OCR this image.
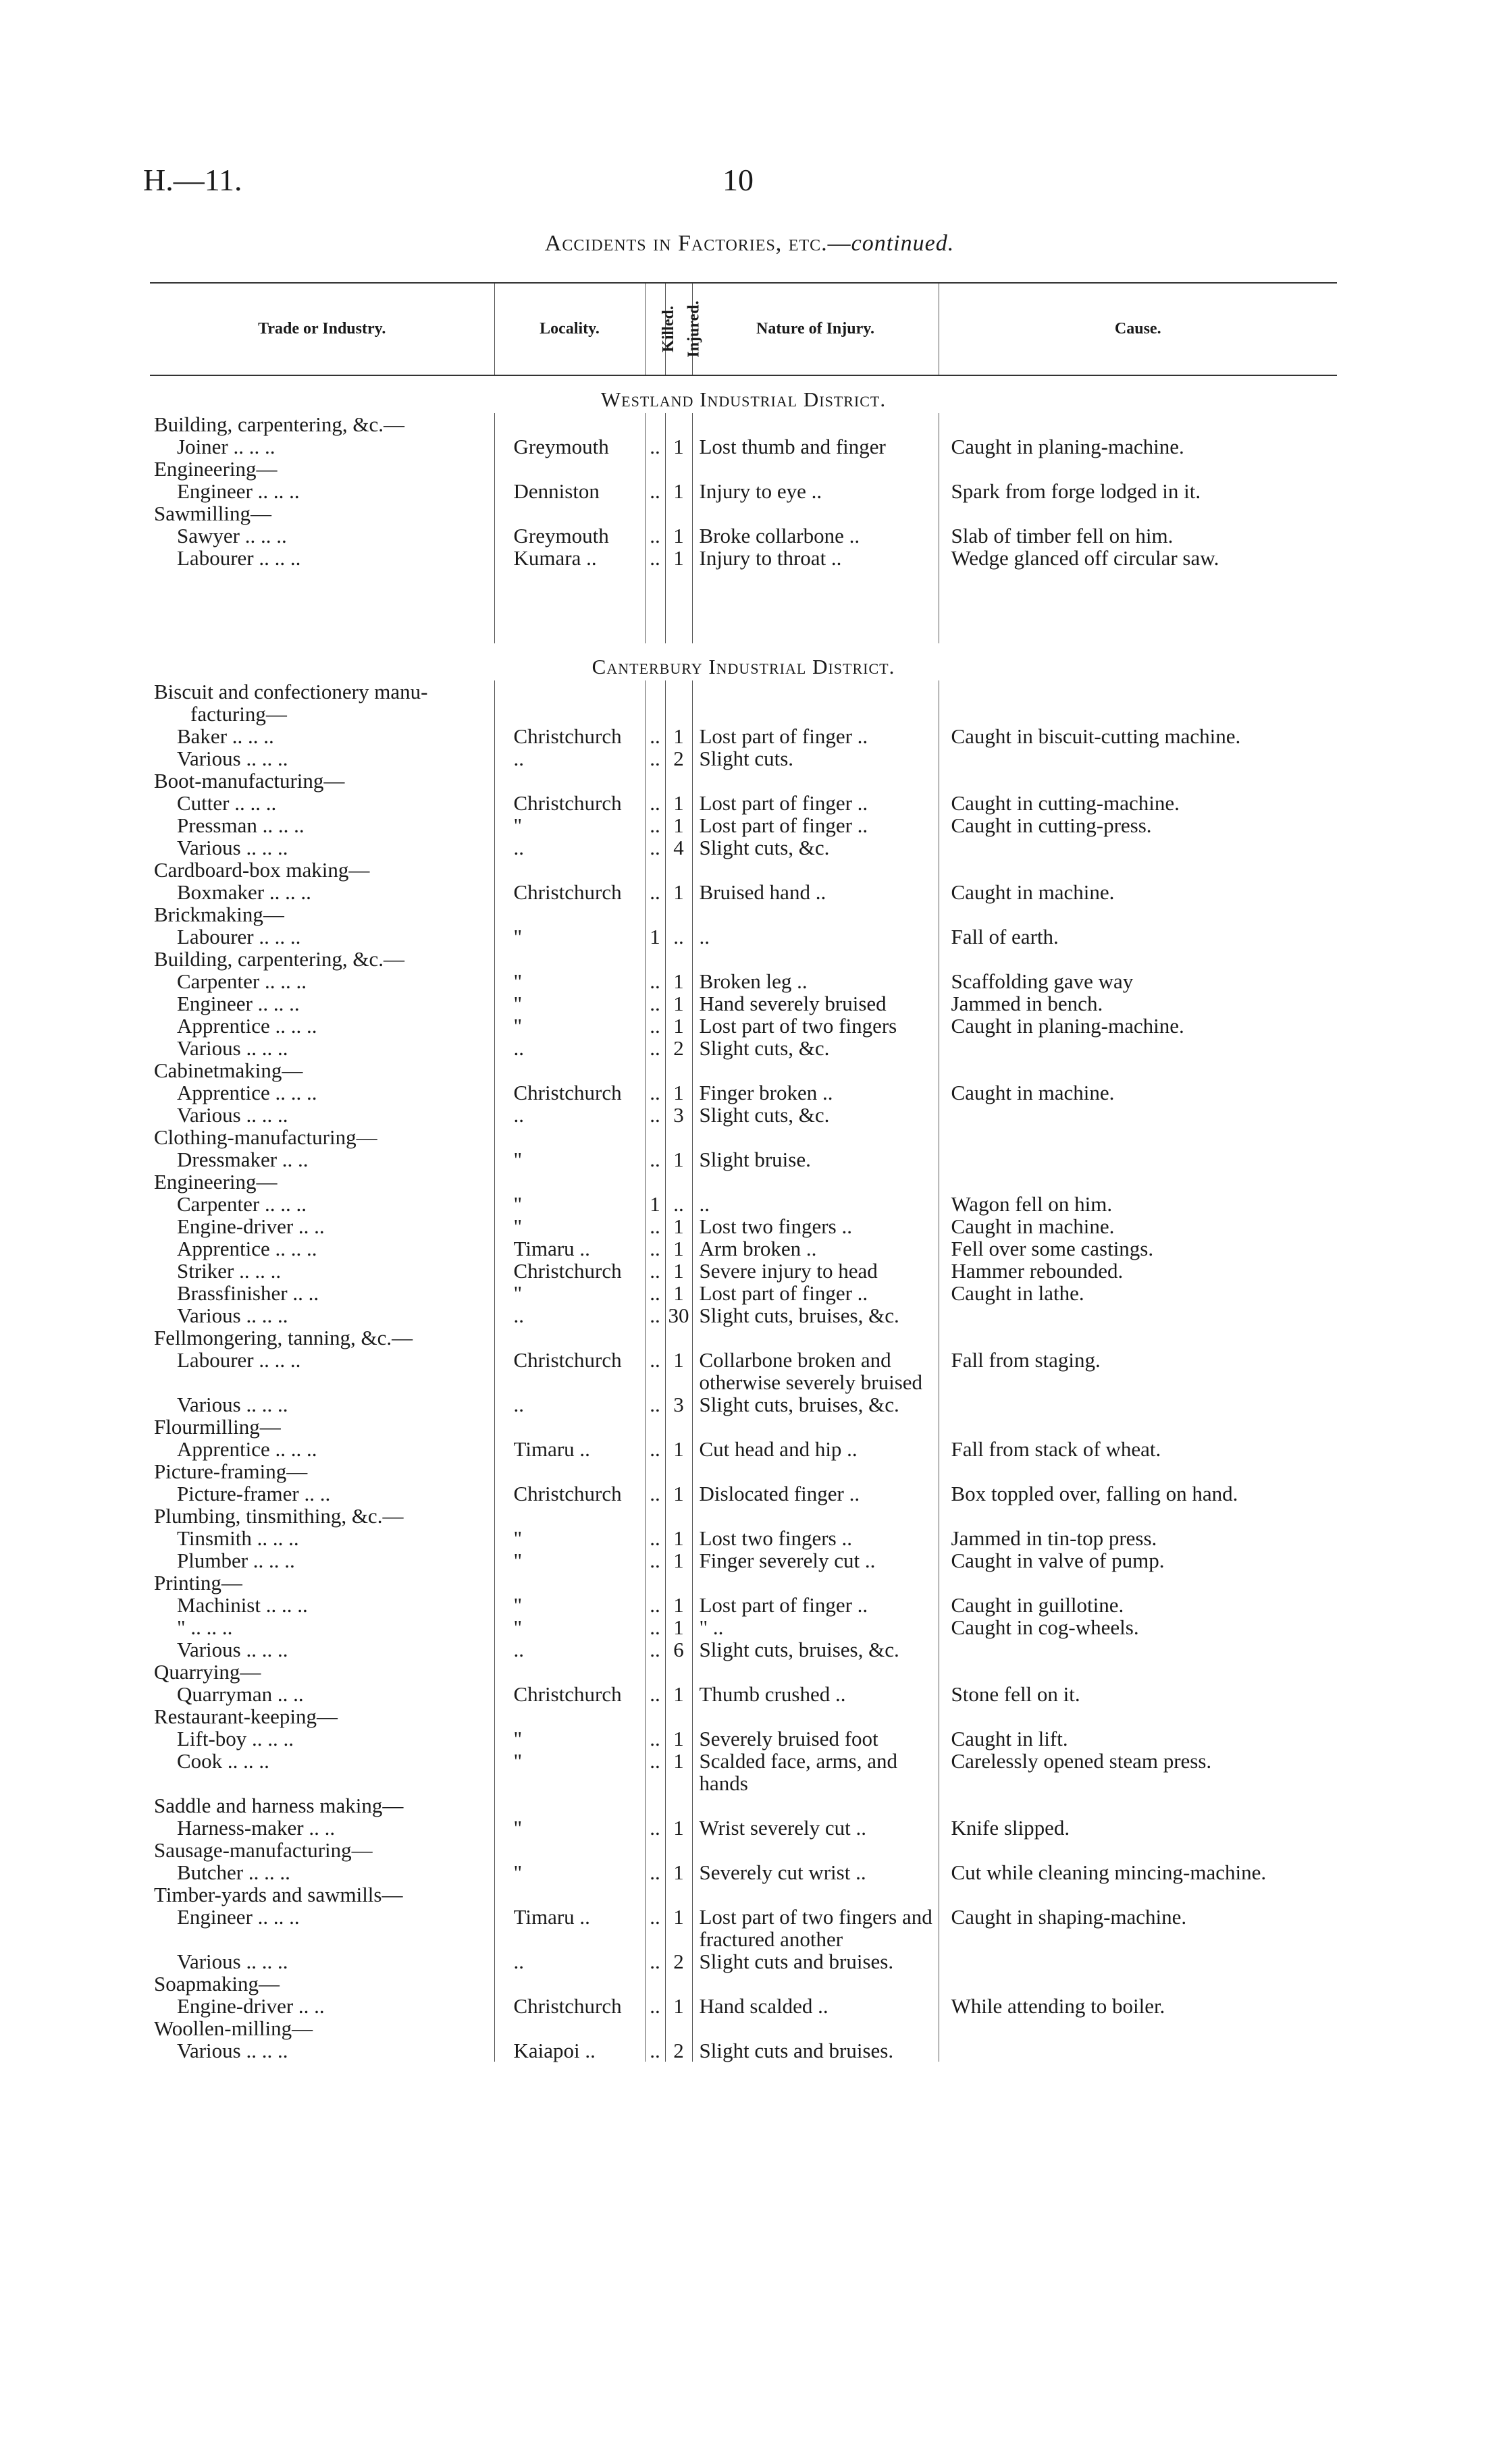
H.—11.	10
Accidents in Factories, etc.—continued.
Trade or Industry.	Locality.	Killed.	Injured.	Nature of Injury.	Cause.
Westland Industrial District.					
Building, carpentering, &c.—					
Joiner .. .. ..	Greymouth	..	1	Lost thumb and finger	Caught in planing-machine.
Engineering—					
Engineer .. .. ..	Denniston	..	1	Injury to eye ..	Spark from forge lodged in it.
Sawmilling—					
Sawyer .. .. ..	Greymouth	..	1	Broke collarbone ..	Slab of timber fell on him.
Labourer .. .. ..	Kumara ..	..	1	Injury to throat ..	Wedge glanced off circular saw.

Canterbury Industrial District.					
Biscuit and confectionery manu-					
facturing—					
Baker .. .. ..	Christchurch	..	1	Lost part of finger ..	Caught in biscuit-cutting machine.
Various .. .. ..	..	..	2	Slight cuts.	
Boot-manufacturing—					
Cutter .. .. ..	Christchurch	..	1	Lost part of finger ..	Caught in cutting-machine.
Pressman .. .. ..	"	..	1	Lost part of finger ..	Caught in cutting-press.
Various .. .. ..	..	..	4	Slight cuts, &c.	
Cardboard-box making—					
Boxmaker .. .. ..	Christchurch	..	1	Bruised hand ..	Caught in machine.
Brickmaking—					
Labourer .. .. ..	"	1	..	..	Fall of earth.
Building, carpentering, &c.—					
Carpenter .. .. ..	"	..	1	Broken leg ..	Scaffolding gave way
Engineer .. .. ..	"	..	1	Hand severely bruised	Jammed in bench.
Apprentice .. .. ..	"	..	1	Lost part of two fingers	Caught in planing-machine.
Various .. .. ..	..	..	2	Slight cuts, &c.	
Cabinetmaking—					
Apprentice .. .. ..	Christchurch	..	1	Finger broken ..	Caught in machine.
Various .. .. ..	..	..	3	Slight cuts, &c.	
Clothing-manufacturing—					
Dressmaker .. ..	"	..	1	Slight bruise.	
Engineering—					
Carpenter .. .. ..	"	1	..	..	Wagon fell on him.
Engine-driver .. ..	"	..	1	Lost two fingers ..	Caught in machine.
Apprentice .. .. ..	Timaru ..	..	1	Arm broken ..	Fell over some castings.
Striker .. .. ..	Christchurch	..	1	Severe injury to head	Hammer rebounded.
Brassfinisher .. ..	"	..	1	Lost part of finger ..	Caught in lathe.
Various .. .. ..	..	..	30	Slight cuts, bruises, &c.	
Fellmongering, tanning, &c.—					
Labourer .. .. ..	Christchurch	..	1	Collarbone broken and otherwise severely bruised	Fall from staging.
Various .. .. ..	..	..	3	Slight cuts, bruises, &c.	
Flourmilling—					
Apprentice .. .. ..	Timaru ..	..	1	Cut head and hip ..	Fall from stack of wheat.
Picture-framing—					
Picture-framer .. ..	Christchurch	..	1	Dislocated finger ..	Box toppled over, falling on hand.
Plumbing, tinsmithing, &c.—					
Tinsmith .. .. ..	"	..	1	Lost two fingers ..	Jammed in tin-top press.
Plumber .. .. ..	"	..	1	Finger severely cut ..	Caught in valve of pump.
Printing—					
Machinist .. .. ..	"	..	1	Lost part of finger ..	Caught in guillotine.
" .. .. ..	"	..	1	" ..	Caught in cog-wheels.
Various .. .. ..	..	..	6	Slight cuts, bruises, &c.	
Quarrying—					
Quarryman .. ..	Christchurch	..	1	Thumb crushed ..	Stone fell on it.
Restaurant-keeping—					
Lift-boy .. .. ..	"	..	1	Severely bruised foot	Caught in lift.
Cook .. .. ..	"	..	1	Scalded face, arms, and hands	Carelessly opened steam press.
Saddle and harness making—					
Harness-maker .. ..	"	..	1	Wrist severely cut ..	Knife slipped.
Sausage-manufacturing—					
Butcher .. .. ..	"	..	1	Severely cut wrist ..	Cut while cleaning mincing-machine.
Timber-yards and sawmills—					
Engineer .. .. ..	Timaru ..	..	1	Lost part of two fingers and fractured another	Caught in shaping-machine.
Various .. .. ..	..	..	2	Slight cuts and bruises.	
Soapmaking—					
Engine-driver .. ..	Christchurch	..	1	Hand scalded ..	While attending to boiler.
Woollen-milling—					
Various .. .. ..	Kaiapoi ..	..	2	Slight cuts and bruises.	
